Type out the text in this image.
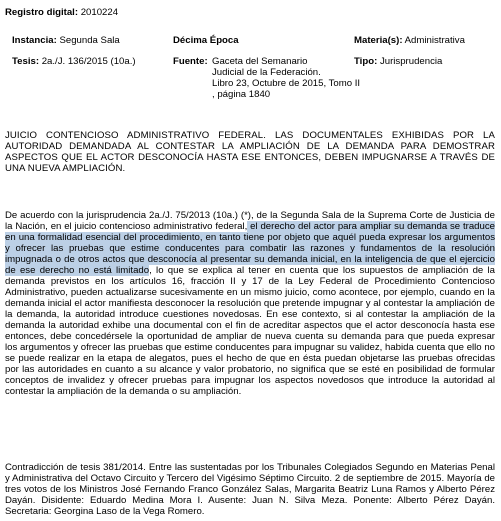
Registro digital: 2010224
Instancia: Segunda Sala	Décima Época	Materia(s): Administrativa
Tesis: 2a./J. 136/2015 (10a.)	Fuente: Gaceta del Semanario
Judicial de la Federación.
Libro 23, Octubre de 2015, Tomo II
, página 1840
Tipo: Jurisprudencia
JUICIO CONTENCIOSO ADMINISTRATIVO FEDERAL. LAS DOCUMENTALES EXHIBIDAS POR LA AUTORIDAD DEMANDADA AL CONTESTAR LA AMPLIACIÓN DE LA DEMANDA PARA DEMOSTRAR ASPECTOS QUE EL ACTOR DESCONOCÍA HASTA ESE ENTONCES, DEBEN IMPUGNARSE A TRAVÉS DE UNA NUEVA AMPLIACIÓN.
De acuerdo con la jurisprudencia 2a./J. 75/2013 (10a.) (*), de la Segunda Sala de la Suprema Corte de Justicia de la Nación, en el juicio contencioso administrativo federal, el derecho del actor para ampliar su demanda se traduce en una formalidad esencial del procedimiento, en tanto tiene por objeto que aquél pueda expresar los argumentos y ofrecer las pruebas que estime conducentes para combatir las razones y fundamentos de la resolución impugnada o de otros actos que desconocía al presentar su demanda inicial, en la inteligencia de que el ejercicio de ese derecho no está limitado, lo que se explica al tener en cuenta que los supuestos de ampliación de la demanda previstos en los artículos 16, fracción II y 17 de la Ley Federal de Procedimiento Contencioso Administrativo, pueden actualizarse sucesivamente en un mismo juicio, como acontece, por ejemplo, cuando en la demanda inicial el actor manifiesta desconocer la resolución que pretende impugnar y al contestar la ampliación de la demanda, la autoridad introduce cuestiones novedosas. En ese contexto, si al contestar la ampliación de la demanda la autoridad exhibe una documental con el fin de acreditar aspectos que el actor desconocía hasta ese entonces, debe concedérsele la oportunidad de ampliar de nueva cuenta su demanda para que pueda expresar los argumentos y ofrecer las pruebas que estime conducentes para impugnar su validez, habida cuenta que ello no se puede realizar en la etapa de alegatos, pues el hecho de que en ésta puedan objetarse las pruebas ofrecidas por las autoridades en cuanto a su alcance y valor probatorio, no significa que se esté en posibilidad de formular conceptos de invalidez y ofrecer pruebas para impugnar los aspectos novedosos que introduce la autoridad al contestar la ampliación de la demanda o su ampliación.
Contradicción de tesis 381/2014. Entre las sustentadas por los Tribunales Colegiados Segundo en Materias Penal y Administrativa del Octavo Circuito y Tercero del Vigésimo Séptimo Circuito. 2 de septiembre de 2015. Mayoría de tres votos de los Ministros José Fernando Franco González Salas, Margarita Beatriz Luna Ramos y Alberto Pérez Dayán. Disidente: Eduardo Medina Mora I. Ausente: Juan N. Silva Meza. Ponente: Alberto Pérez Dayán. Secretaria: Georgina Laso de la Vega Romero.
